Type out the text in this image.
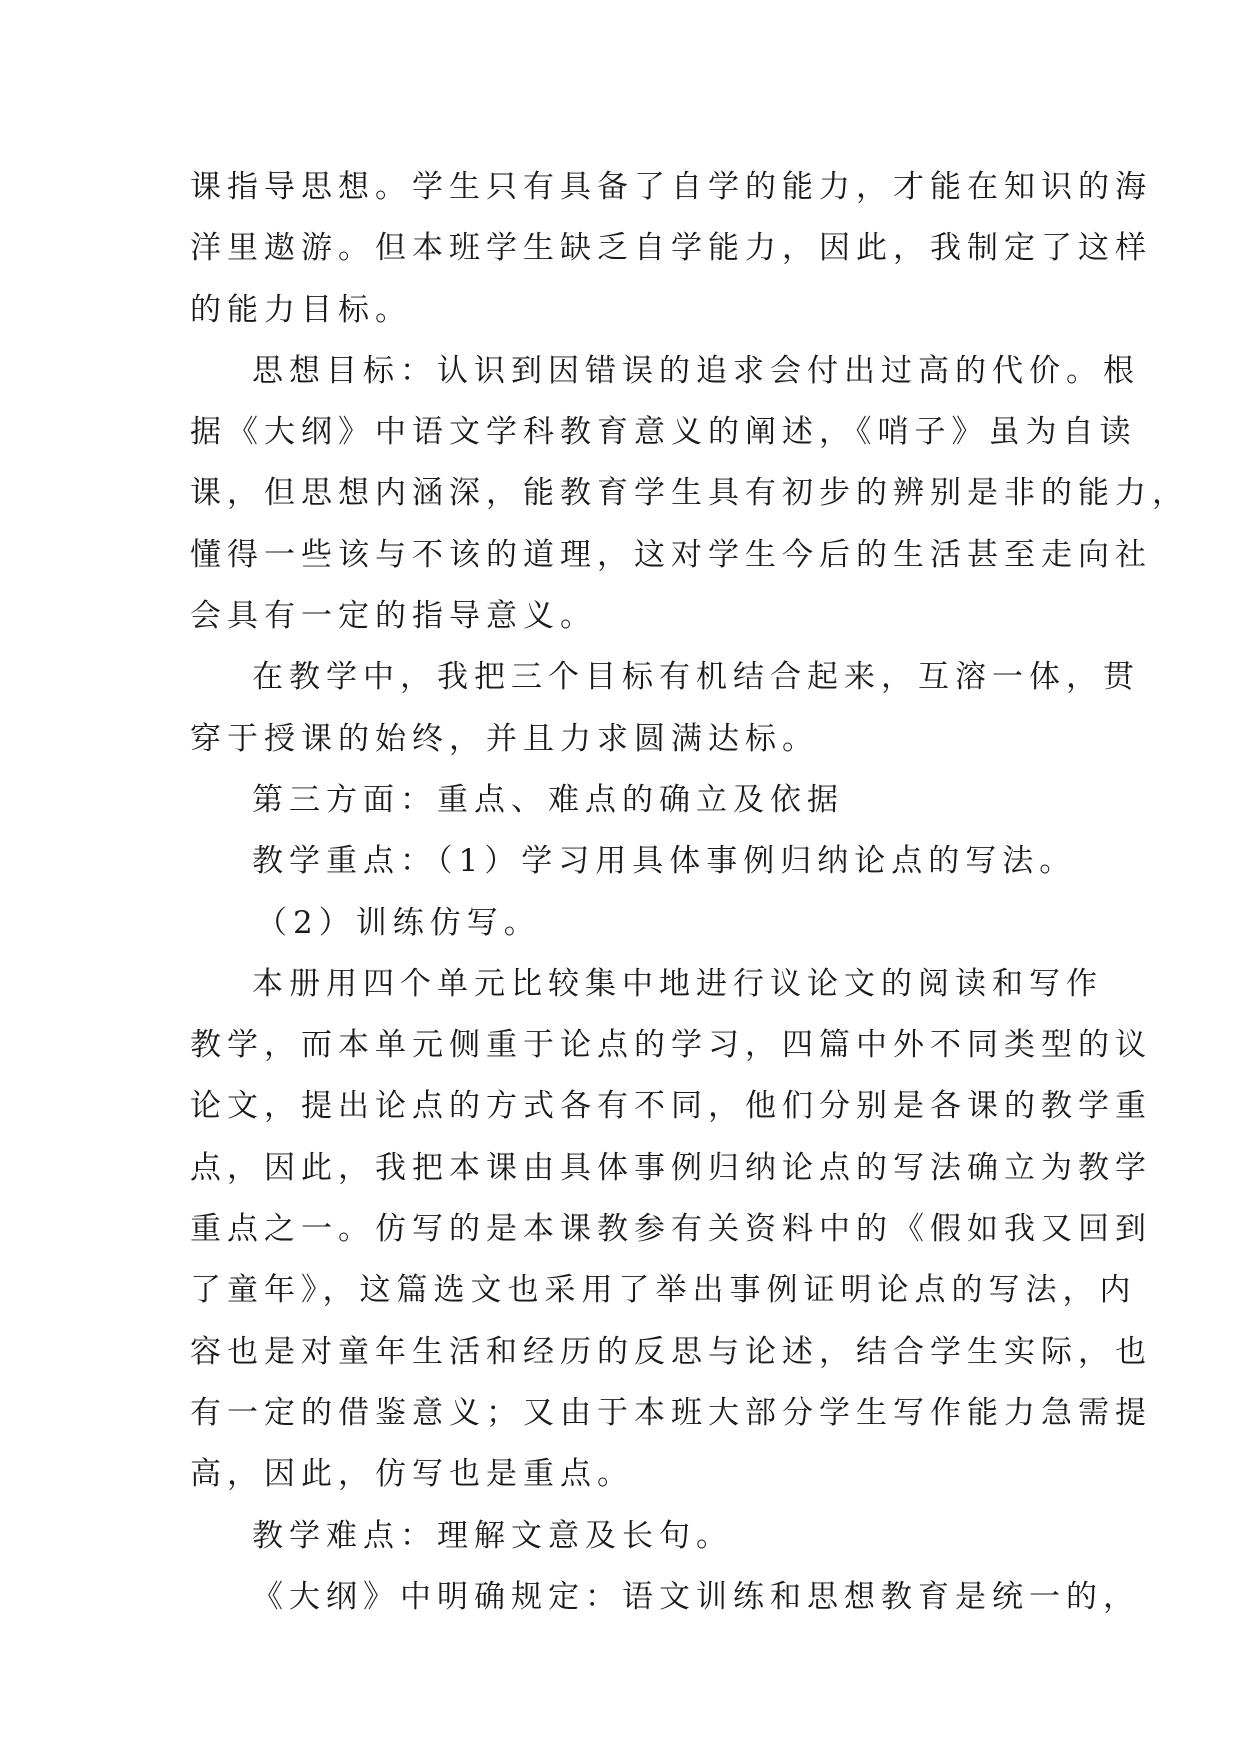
课指导思想。学生只有具备了自学的能力，才能在知识的海
洋里遨游。但本班学生缺乏自学能力，因此，我制定了这样
的能力目标。
思想目标：认识到因错误的追求会付出过高的代价。根
据《大纲》中语文学科教育意义的阐述，《哨子》虽为自读
课，但思想内涵深，能教育学生具有初步的辨别是非的能力，
懂得一些该与不该的道理，这对学生今后的生活甚至走向社
会具有一定的指导意义。
在教学中，我把三个目标有机结合起来，互溶一体，贯
穿于授课的始终，并且力求圆满达标。
第三方面：重点、难点的确立及依据
教学重点：（1）学习用具体事例归纳论点的写法。
（2）训练仿写。
本册用四个单元比较集中地进行议论文的阅读和写作
教学，而本单元侧重于论点的学习，四篇中外不同类型的议
论文，提出论点的方式各有不同，他们分别是各课的教学重
点，因此，我把本课由具体事例归纳论点的写法确立为教学
重点之一。仿写的是本课教参有关资料中的《假如我又回到
了童年》，这篇选文也采用了举出事例证明论点的写法，内
容也是对童年生活和经历的反思与论述，结合学生实际，也
有一定的借鉴意义；又由于本班大部分学生写作能力急需提
高，因此，仿写也是重点。
教学难点：理解文意及长句。
《大纲》中明确规定：语文训练和思想教育是统一的，
